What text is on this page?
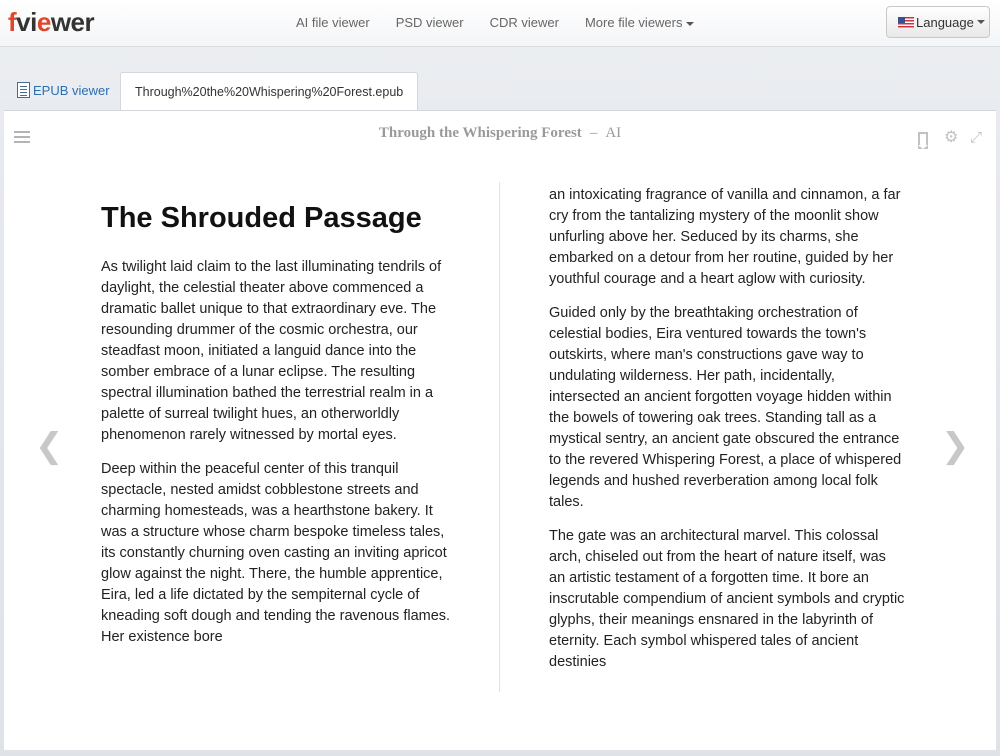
fviewer	AI file viewer PSD viewer CDR viewer More file viewers	Language
EPUB viewer	Through%20the%20Whispering%20Forest.epub
Through the Whispering Forest – AI	⚙ ⤢
❮	❯
The Shrouded Passage

As twilight laid claim to the last illuminating tendrils of daylight, the celestial theater above commenced a dramatic ballet unique to that extraordinary eve. The resounding drummer of the cosmic orchestra, our steadfast moon, initiated a languid dance into the somber embrace of a lunar eclipse. The resulting spectral illumination bathed the terrestrial realm in a palette of surreal twilight hues, an otherworldly phenomenon rarely witnessed by mortal eyes.

Deep within the peaceful center of this tranquil spectacle, nested amidst cobblestone streets and charming homesteads, was a hearthstone bakery. It was a structure whose charm bespoke timeless tales, its constantly churning oven casting an inviting apricot glow against the night. There, the humble apprentice, Eira, led a life dictated by the sempiternal cycle of kneading soft dough and tending the ravenous flames. Her existence bore

an intoxicating fragrance of vanilla and cinnamon, a far cry from the tantalizing mystery of the moonlit show unfurling above her. Seduced by its charms, she embarked on a detour from her routine, guided by her youthful courage and a heart aglow with curiosity.

Guided only by the breathtaking orchestration of celestial bodies, Eira ventured towards the town's outskirts, where man's constructions gave way to undulating wilderness. Her path, incidentally, intersected an ancient forgotten voyage hidden within the bowels of towering oak trees. Standing tall as a mystical sentry, an ancient gate obscured the entrance to the revered Whispering Forest, a place of whispered legends and hushed reverberation among local folk tales.

The gate was an architectural marvel. This colossal arch, chiseled out from the heart of nature itself, was an artistic testament of a forgotten time. It bore an inscrutable compendium of ancient symbols and cryptic glyphs, their meanings ensnared in the labyrinth of eternity. Each symbol whispered tales of ancient destinies
